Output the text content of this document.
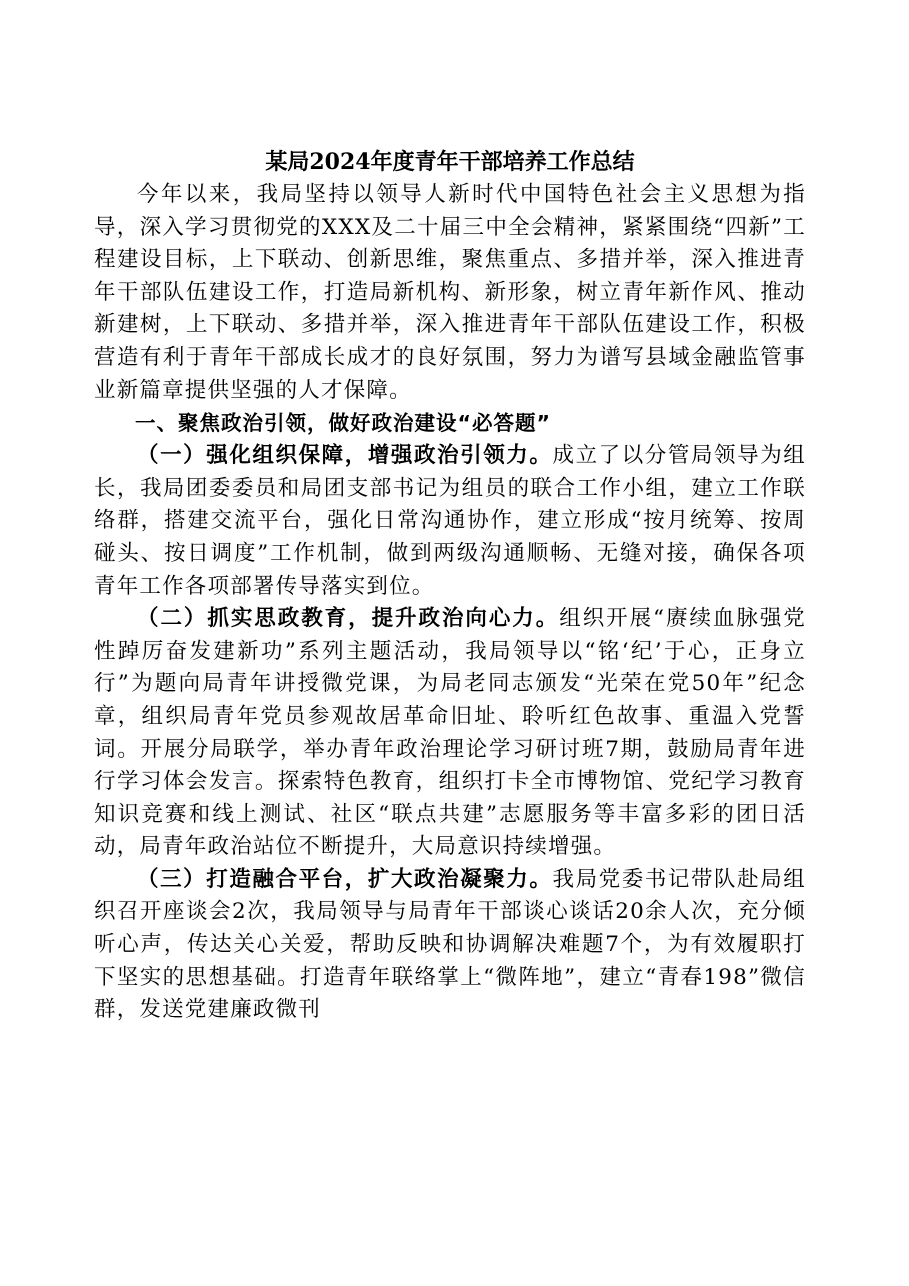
某局2024年度青年干部培养工作总结

今年以来，我局坚持以领导人新时代中国特色社会主义思想为指导，深入学习贯彻党的XXX及二十届三中全会精神，紧紧围绕“四新”工程建设目标，上下联动、创新思维，聚焦重点、多措并举，深入推进青年干部队伍建设工作，打造局新机构、新形象，树立青年新作风、推动新建树，上下联动、多措并举，深入推进青年干部队伍建设工作，积极营造有利于青年干部成长成才的良好氛围，努力为谱写县域金融监管事业新篇章提供坚强的人才保障。

一、聚焦政治引领，做好政治建设“必答题”

（一）强化组织保障，增强政治引领力。成立了以分管局领导为组长，我局团委委员和局团支部书记为组员的联合工作小组，建立工作联络群，搭建交流平台，强化日常沟通协作，建立形成“按月统筹、按周碰头、按日调度”工作机制，做到两级沟通顺畅、无缝对接，确保各项青年工作各项部署传导落实到位。

（二）抓实思政教育，提升政治向心力。组织开展“赓续血脉强党性踔厉奋发建新功”系列主题活动，我局领导以“铭‘纪’于心，正身立行”为题向局青年讲授微党课，为局老同志颁发“光荣在党50年”纪念章，组织局青年党员参观故居革命旧址、聆听红色故事、重温入党誓词。开展分局联学，举办青年政治理论学习研讨班7期，鼓励局青年进行学习体会发言。探索特色教育，组织打卡全市博物馆、党纪学习教育知识竞赛和线上测试、社区“联点共建”志愿服务等丰富多彩的团日活动，局青年政治站位不断提升，大局意识持续增强。

（三）打造融合平台，扩大政治凝聚力。我局党委书记带队赴局组织召开座谈会2次，我局领导与局青年干部谈心谈话20余人次，充分倾听心声，传达关心关爱，帮助反映和协调解决难题7个，为有效履职打下坚实的思想基础。打造青年联络掌上“微阵地”，建立“青春198”微信群，发送党建廉政微刊
